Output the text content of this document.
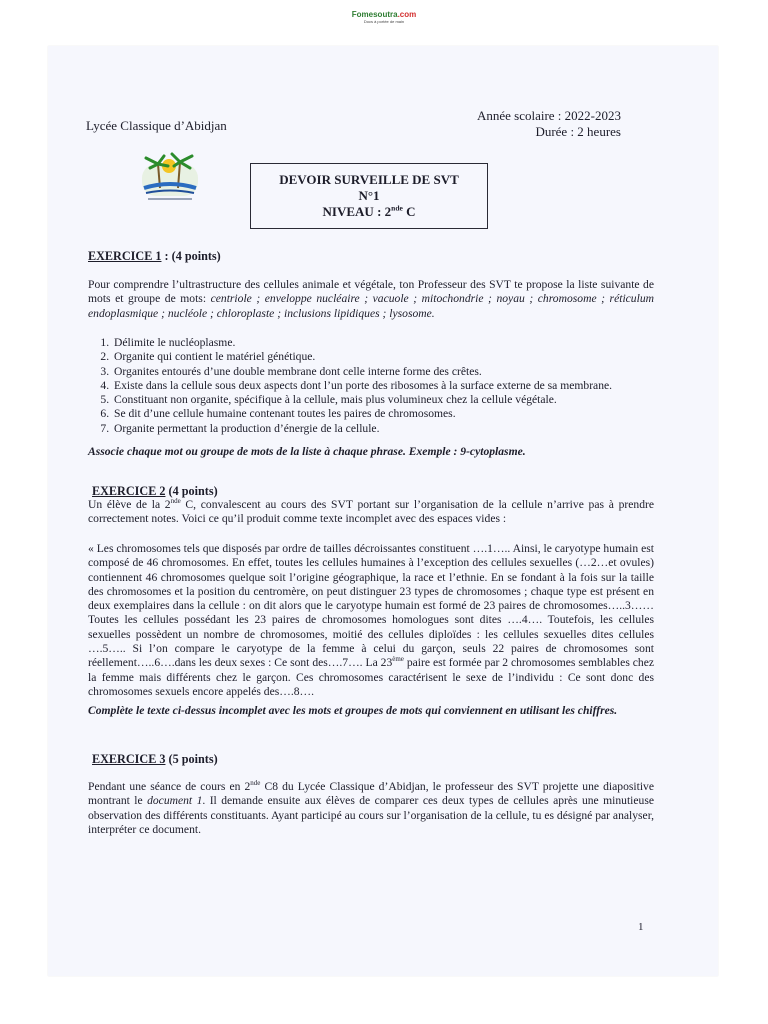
Fomesoutra.com
Docs à portée de main
Lycée Classique d’Abidjan
Année scolaire : 2022-2023
Durée : 2 heures
DEVOIR SURVEILLE DE SVT
N°1
NIVEAU : 2nde C
EXERCICE 1 : (4 points)
Pour comprendre l’ultrastructure des cellules animale et végétale, ton Professeur des SVT te propose la liste suivante de mots et groupe de mots: centriole ; enveloppe nucléaire ; vacuole ; mitochondrie ; noyau ; chromosome ; réticulum endoplasmique ; nucléole ; chloroplaste ; inclusions lipidiques ; lysosome.
1. Délimite le nucléoplasme.
2. Organite qui contient le matériel génétique.
3. Organites entourés d’une double membrane dont celle interne forme des crêtes.
4. Existe dans la cellule sous deux aspects dont l’un porte des ribosomes à la surface externe de sa membrane.
5. Constituant non organite, spécifique à la cellule, mais plus volumineux chez la cellule végétale.
6. Se dit d’une cellule humaine contenant toutes les paires de chromosomes.
7. Organite permettant la production d’énergie de la cellule.
Associe chaque mot ou groupe de mots de la liste à chaque phrase. Exemple : 9-cytoplasme.
EXERCICE 2 (4 points)
Un élève de la 2nde C, convalescent au cours des SVT portant sur l’organisation de la cellule n’arrive pas à prendre correctement notes. Voici ce qu’il produit comme texte incomplet avec des espaces vides :
« Les chromosomes tels que disposés par ordre de tailles décroissantes constituent ….1….. Ainsi, le caryotype humain est composé de 46 chromosomes. En effet, toutes les cellules humaines à l’exception des cellules sexuelles (…2…et ovules) contiennent 46 chromosomes quelque soit l’origine géographique, la race et l’ethnie. En se fondant à la fois sur la taille des chromosomes et la position du centromère, on peut distinguer 23 types de chromosomes ; chaque type est présent en deux exemplaires dans la cellule : on dit alors que le caryotype humain est formé de 23 paires de chromosomes…..3…… Toutes les cellules possédant les 23 paires de chromosomes homologues sont dites ….4…. Toutefois, les cellules sexuelles possèdent un nombre de chromosomes, moitié des cellules diploïdes : les cellules sexuelles dites cellules ….5….. Si l’on compare le caryotype de la femme à celui du garçon, seuls 22 paires de chromosomes sont réellement…..6….dans les deux sexes : Ce sont des….7…. La 23ème paire est formée par 2 chromosomes semblables chez la femme mais différents chez le garçon. Ces chromosomes caractérisent le sexe de l’individu : Ce sont donc des chromosomes sexuels encore appelés des….8….
Complète le texte ci-dessus incomplet avec les mots et groupes de mots qui conviennent en utilisant les chiffres.
EXERCICE 3 (5 points)
Pendant une séance de cours en 2nde C8 du Lycée Classique d’Abidjan, le professeur des SVT projette une diapositive montrant le document 1. Il demande ensuite aux élèves de comparer ces deux types de cellules après une minutieuse observation des différents constituants. Ayant participé au cours sur l’organisation de la cellule, tu es désigné par analyser, interpréter ce document.
1
